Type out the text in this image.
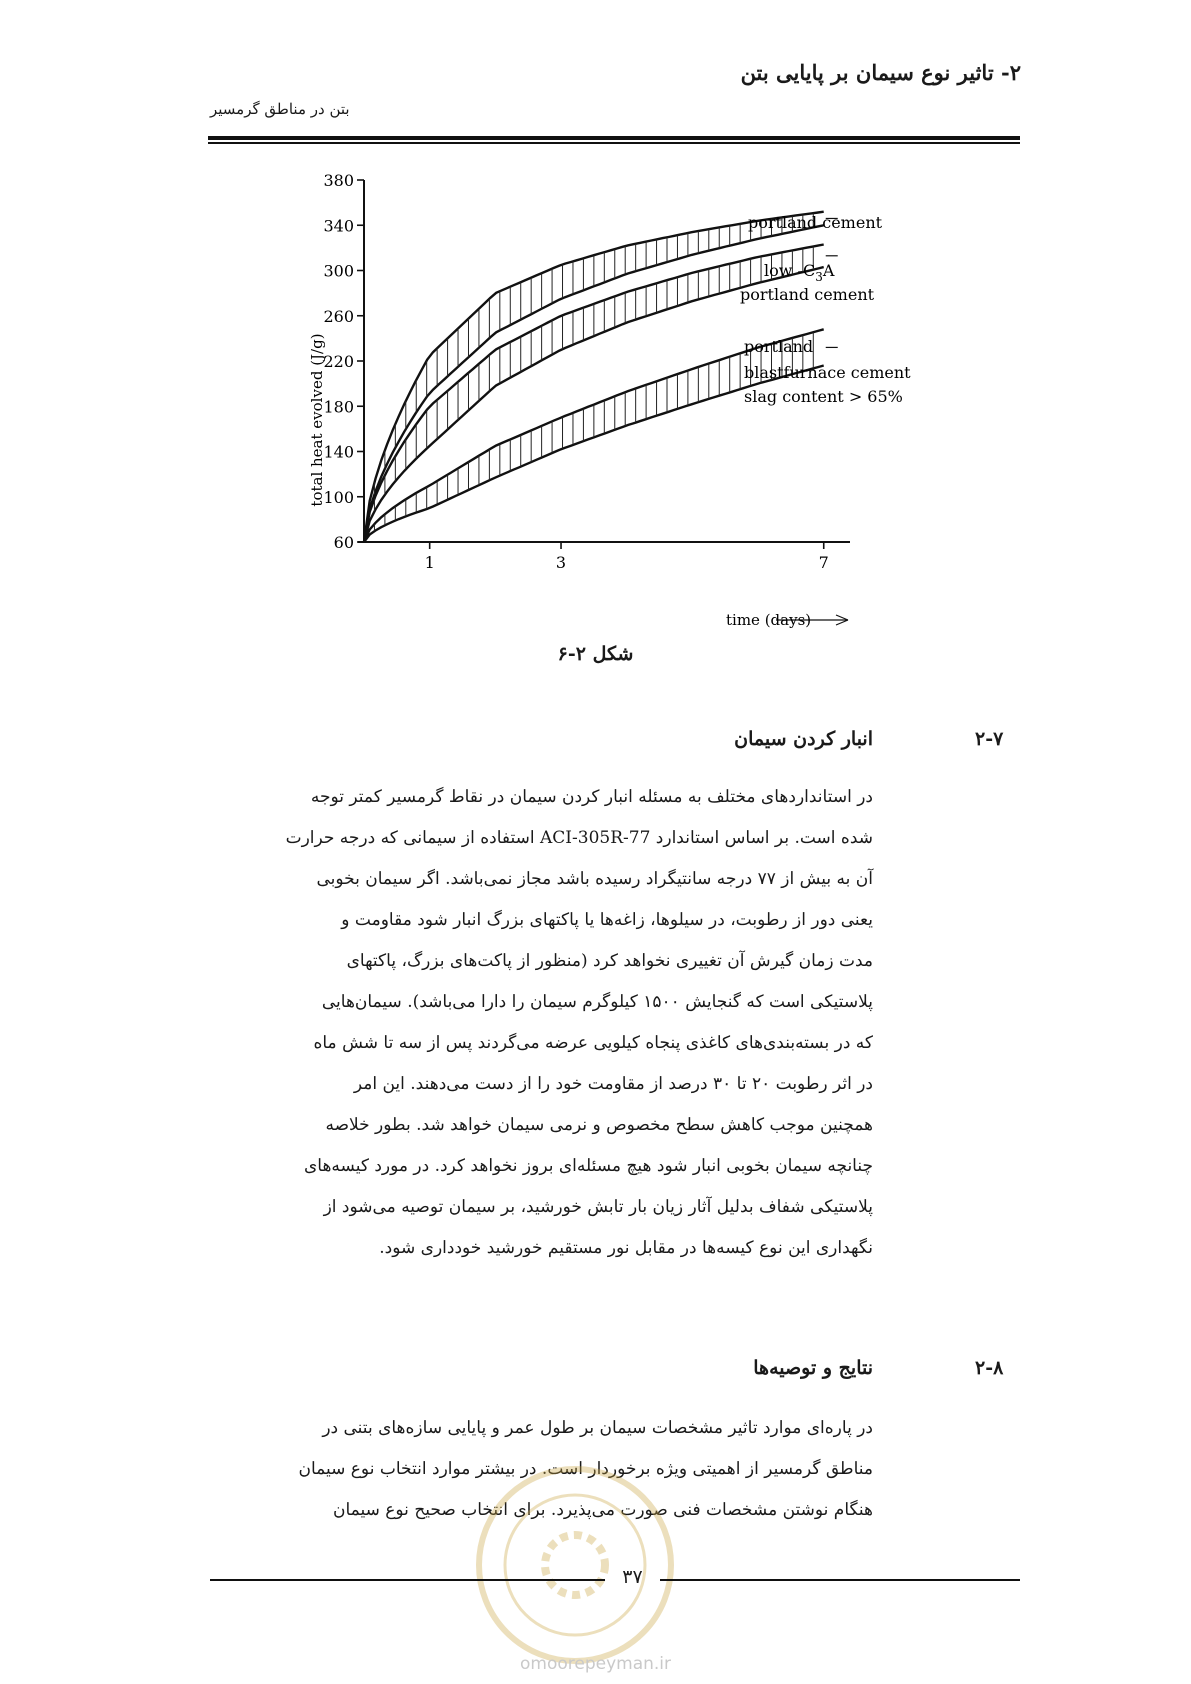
۲- تاثیر نوع سیمان بر پایایی بتن
بتن در مناطق گرمسیر
380
340
300
260
220
180
140
100
60
1	3	7
total heat evolved (J/g)
time (days)
portland cement
low $-C_3A$
portland cement
portland
blastfurnace cement
slag content > 65%
شکل ۲-۶
۲-۷
انبار کردن سیمان
در استانداردهای مختلف به مسئله انبار کردن سیمان در نقاط گرمسیر کمتر توجه
شده است. بر اساس استاندارد ACI-305R-77 استفاده از سیمانی که درجه حرارت
آن به بیش از ۷۷ درجه سانتیگراد رسیده باشد مجاز نمی‌باشد. اگر سیمان بخوبی
یعنی دور از رطوبت، در سیلوها، زاغه‌ها یا پاکتهای بزرگ انبار شود مقاومت و
مدت زمان گیرش آن تغییری نخواهد کرد (منظور از پاکت‌های بزرگ، پاکتهای
پلاستیکی است که گنجایش ۱۵۰۰ کیلوگرم سیمان را دارا می‌باشد). سیمان‌هایی
که در بسته‌بندی‌های کاغذی پنجاه کیلویی عرضه می‌گردند پس از سه تا شش ماه
در اثر رطوبت ۲۰ تا ۳۰ درصد از مقاومت خود را از دست می‌دهند. این امر
همچنین موجب کاهش سطح مخصوص و نرمی سیمان خواهد شد. بطور خلاصه
چنانچه سیمان بخوبی انبار شود هیچ مسئله‌ای بروز نخواهد کرد. در مورد کیسه‌های
پلاستیکی شفاف بدلیل آثار زیان بار تابش خورشید، بر سیمان توصیه می‌شود از
نگهداری این نوع کیسه‌ها در مقابل نور مستقیم خورشید خودداری شود.
۲-۸
نتایج و توصیه‌ها
در پاره‌ای موارد تاثیر مشخصات سیمان بر طول عمر و پایایی سازه‌های بتنی در
مناطق گرمسیر از اهمیتی ویژه برخوردار است. در بیشتر موارد انتخاب نوع سیمان
هنگام نوشتن مشخصات فنی صورت می‌پذیرد. برای انتخاب صحیح نوع سیمان
۳۷
omoorepeyman.ir
